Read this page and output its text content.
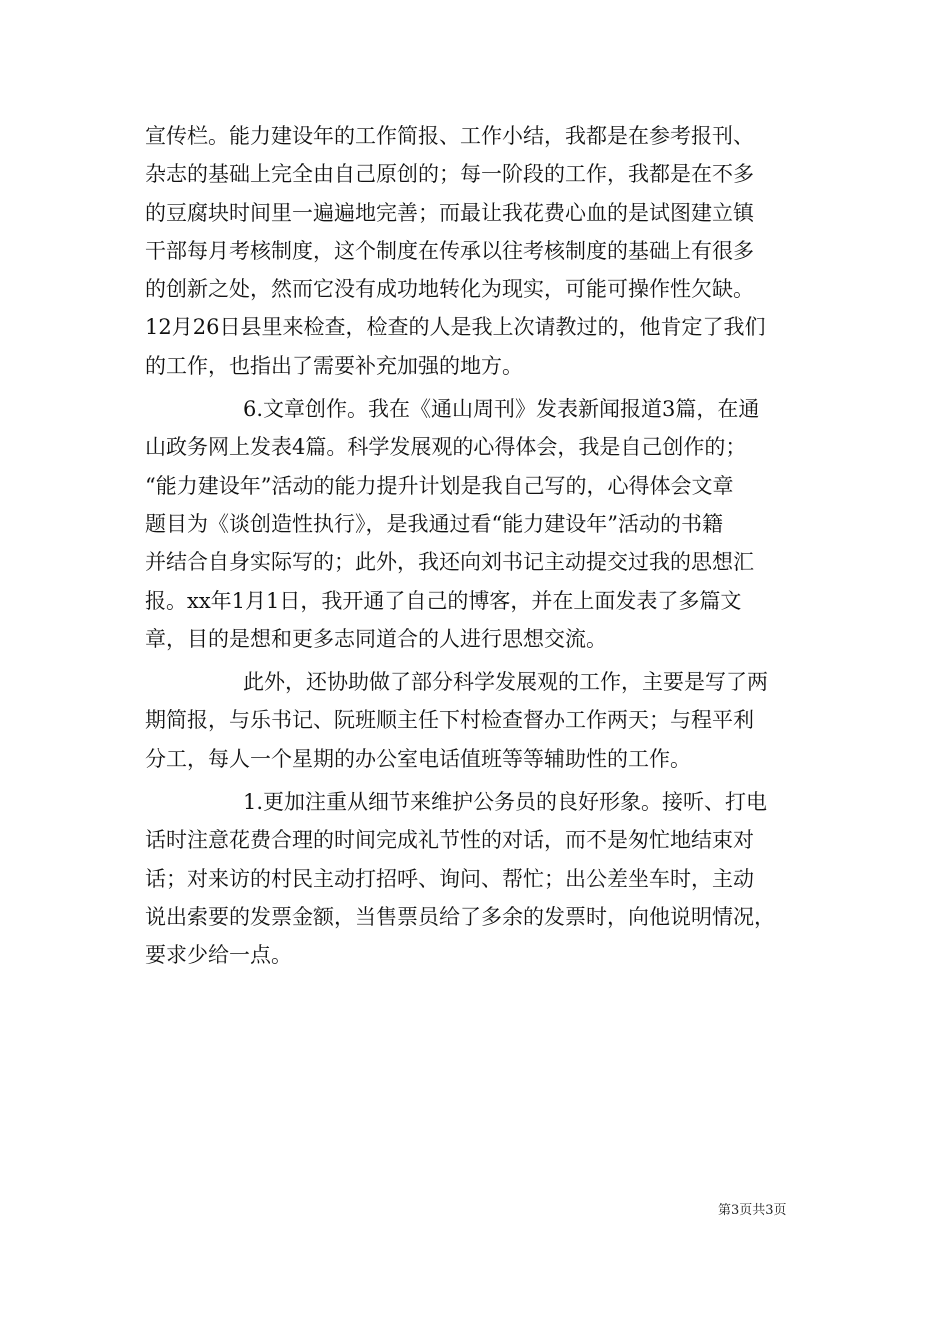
宣传栏。能力建设年的工作简报、工作小结，我都是在参考报刊、
杂志的基础上完全由自己原创的；每一阶段的工作，我都是在不多
的豆腐块时间里一遍遍地完善；而最让我花费心血的是试图建立镇
干部每月考核制度，这个制度在传承以往考核制度的基础上有很多
的创新之处，然而它没有成功地转化为现实，可能可操作性欠缺。
12月26日县里来检查，检查的人是我上次请教过的，他肯定了我们
的工作，也指出了需要补充加强的地方。
6.文章创作。我在《通山周刊》发表新闻报道3篇，在通
山政务网上发表4篇。科学发展观的心得体会，我是自己创作的；
“能力建设年”活动的能力提升计划是我自己写的，心得体会文章
题目为《谈创造性执行》，是我通过看“能力建设年”活动的书籍
并结合自身实际写的；此外，我还向刘书记主动提交过我的思想汇
报。xx年1月1日，我开通了自己的博客，并在上面发表了多篇文
章，目的是想和更多志同道合的人进行思想交流。
此外，还协助做了部分科学发展观的工作，主要是写了两
期简报，与乐书记、阮班顺主任下村检查督办工作两天；与程平利
分工，每人一个星期的办公室电话值班等等辅助性的工作。
1.更加注重从细节来维护公务员的良好形象。接听、打电
话时注意花费合理的时间完成礼节性的对话，而不是匆忙地结束对
话；对来访的村民主动打招呼、询问、帮忙；出公差坐车时，主动
说出索要的发票金额，当售票员给了多余的发票时，向他说明情况，
要求少给一点。
第3页共3页
